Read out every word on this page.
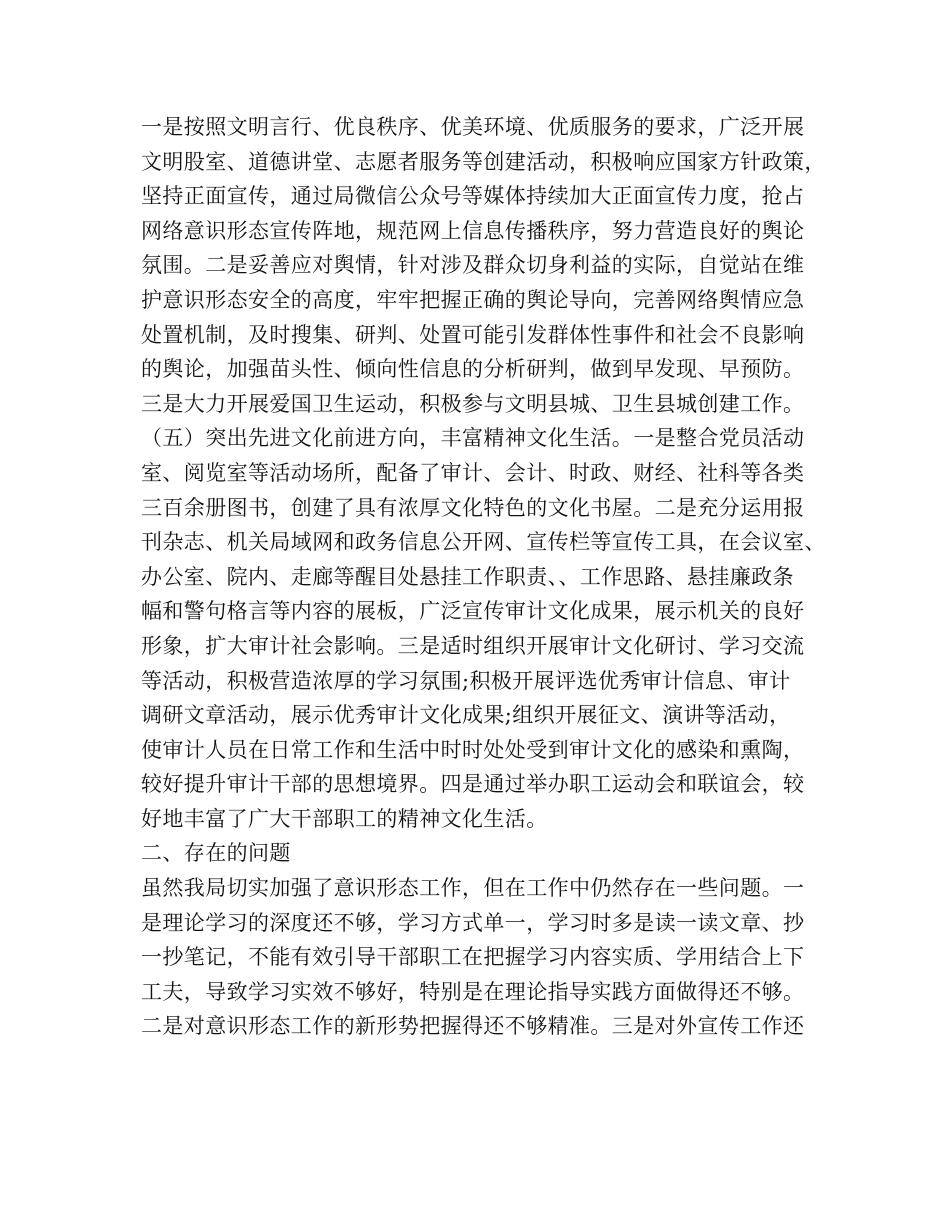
一是按照文明言行、优良秩序、优美环境、优质服务的要求，广泛开展
文明股室、道德讲堂、志愿者服务等创建活动，积极响应国家方针政策，
坚持正面宣传，通过局微信公众号等媒体持续加大正面宣传力度，抢占
网络意识形态宣传阵地，规范网上信息传播秩序，努力营造良好的舆论
氛围。二是妥善应对舆情，针对涉及群众切身利益的实际，自觉站在维
护意识形态安全的高度，牢牢把握正确的舆论导向，完善网络舆情应急
处置机制，及时搜集、研判、处置可能引发群体性事件和社会不良影响
的舆论，加强苗头性、倾向性信息的分析研判，做到早发现、早预防。
三是大力开展爱国卫生运动，积极参与文明县城、卫生县城创建工作。
（五）突出先进文化前进方向，丰富精神文化生活。一是整合党员活动
室、阅览室等活动场所，配备了审计、会计、时政、财经、社科等各类
三百余册图书，创建了具有浓厚文化特色的文化书屋。二是充分运用报
刊杂志、机关局域网和政务信息公开网、宣传栏等宣传工具，在会议室、
办公室、院内、走廊等醒目处悬挂工作职责、、工作思路、悬挂廉政条
幅和警句格言等内容的展板，广泛宣传审计文化成果，展示机关的良好
形象，扩大审计社会影响。三是适时组织开展审计文化研讨、学习交流
等活动，积极营造浓厚的学习氛围;积极开展评选优秀审计信息、审计
调研文章活动，展示优秀审计文化成果;组织开展征文、演讲等活动，
使审计人员在日常工作和生活中时时处处受到审计文化的感染和熏陶，
较好提升审计干部的思想境界。四是通过举办职工运动会和联谊会，较
好地丰富了广大干部职工的精神文化生活。
二、存在的问题
虽然我局切实加强了意识形态工作，但在工作中仍然存在一些问题。一
是理论学习的深度还不够，学习方式单一，学习时多是读一读文章、抄
一抄笔记，不能有效引导干部职工在把握学习内容实质、学用结合上下
工夫，导致学习实效不够好，特别是在理论指导实践方面做得还不够。
二是对意识形态工作的新形势把握得还不够精准。三是对外宣传工作还
